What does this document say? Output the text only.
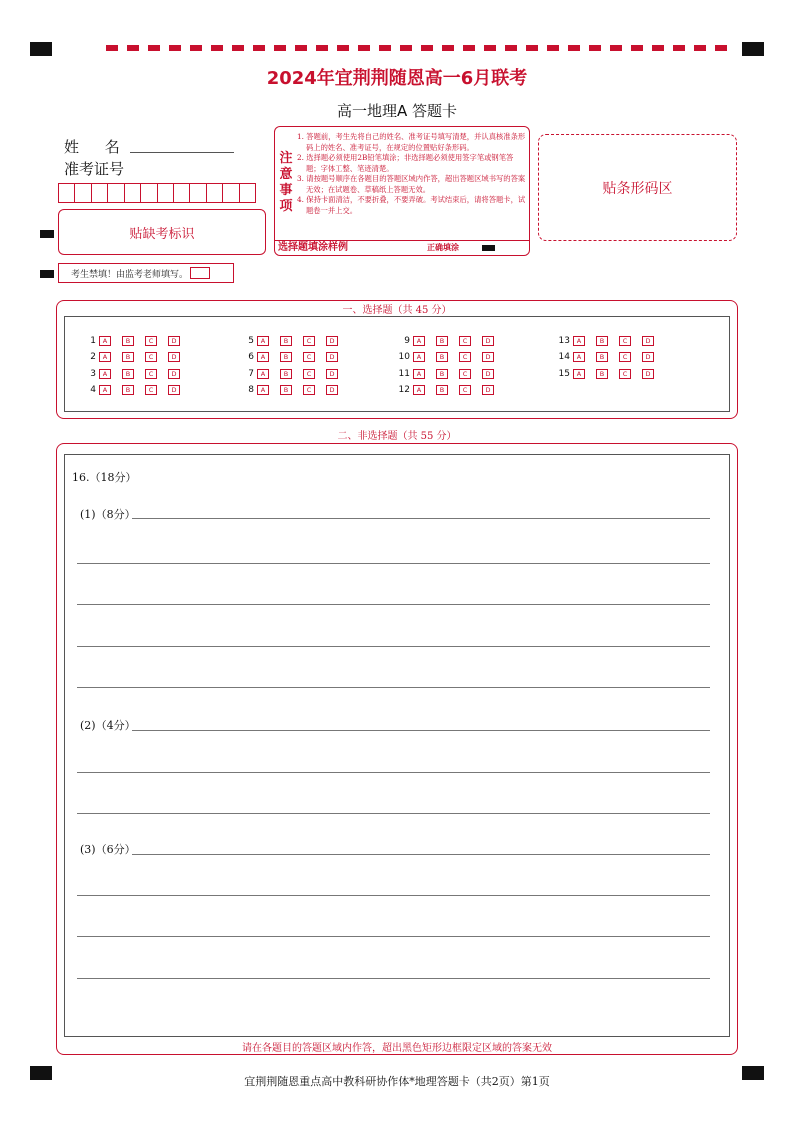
2024年宜荆荆随恩高一6月联考
高一地理A 答题卡
姓　 名
准考证号
贴缺考标识
考生禁填！由监考老师填写。
注意事项
1. 答题前，考生先将自己的姓名、准考证号填写清楚，并认真核准条形码上的姓名、准考证号，在规定的位置贴好条形码。
2. 选择题必须使用2B铅笔填涂；非选择题必须使用签字笔或钢笔答题；字体工整、笔迹清楚。
3. 请按题号顺序在各题目的答题区域内作答，超出答题区域书写的答案无效；在试题卷、草稿纸上答题无效。
4. 保持卡面清洁，不要折叠，不要弄破。考试结束后，请将答题卡，试题卷一并上交。
选择题填涂样例	正确填涂
贴条形码区
一、选择题（共 45 分）
1	A	B	C	D
2	A	B	C	D
3	A	B	C	D
4	A	B	C	D
5	A	B	C	D
6	A	B	C	D
7	A	B	C	D
8	A	B	C	D
9	A	B	C	D
10	A	B	C	D
11	A	B	C	D
12	A	B	C	D
13	A	B	C	D
14	A	B	C	D
15	A	B	C	D
二、非选择题（共 55 分）
16.（18分）
(1)（8分）
(2)（4分）
(3)（6分）
请在各题目的答题区域内作答，超出黑色矩形边框限定区域的答案无效
宜荆荆随恩重点高中教科研协作体*地理答题卡（共2页）第1页
